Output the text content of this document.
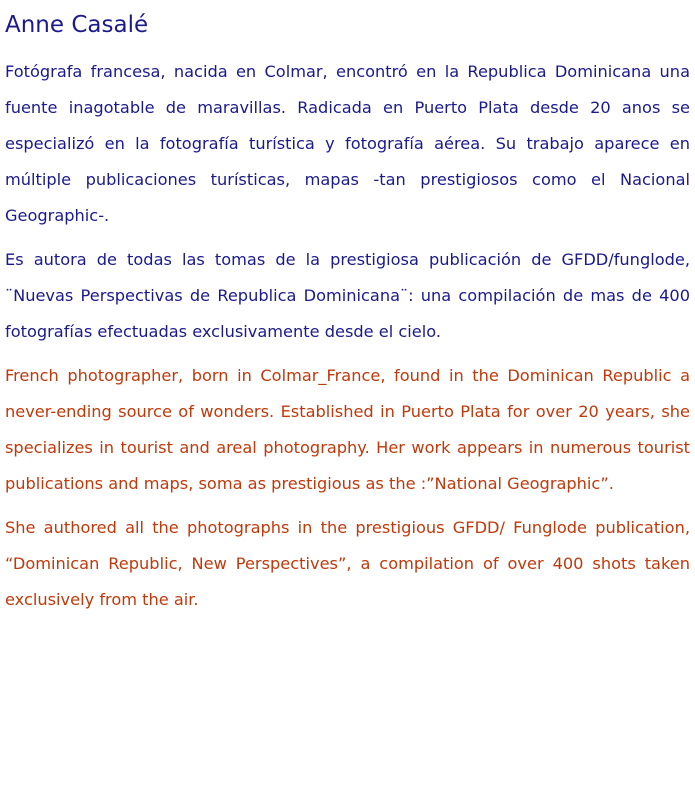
Anne Casalé

Fotógrafa francesa, nacida en Colmar, encontró en la Republica Dominicana una fuente inagotable de maravillas. Radicada en Puerto Plata desde 20 anos se especializó en la fotografía turística y fotografía aérea. Su trabajo aparece en múltiple publicaciones turísticas, mapas -tan prestigiosos como el Nacional Geographic-.

Es autora de todas las tomas de la prestigiosa publicación de GFDD/funglode, ¨Nuevas Perspectivas de Republica Dominicana¨: una compilación de mas de 400 fotografías efectuadas exclusivamente desde el cielo.

French photographer, born in Colmar_France, found in the Dominican Republic a never-ending source of wonders. Established in Puerto Plata for over 20 years, she specializes in tourist and areal photography. Her work appears in numerous tourist publications and maps, soma as prestigious as the :”National Geographic”.

She authored all the photographs in the prestigious GFDD/ Funglode publication, “Dominican Republic, New Perspectives”, a compilation of over 400 shots taken exclusively from the air.
